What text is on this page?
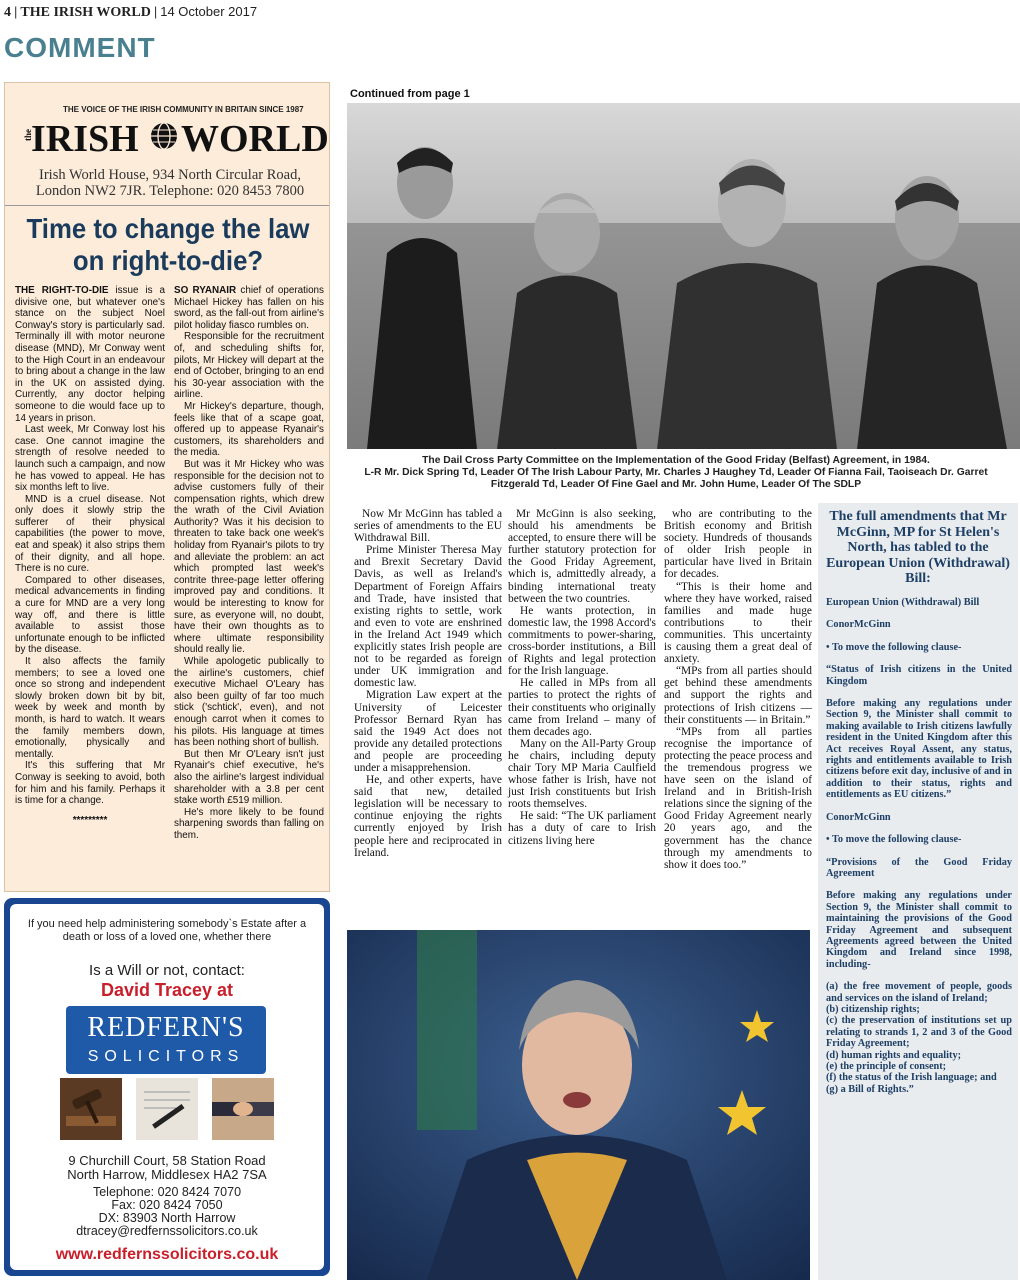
4 | THE IRISH WORLD | 14 October 2017
COMMENT
THE VOICE OF THE IRISH COMMUNITY IN BRITAIN SINCE 1987
the
IRISH WORLD
Irish World House, 934 North Circular Road,
London NW2 7JR. Telephone: 020 8453 7800
Time to change the law
on right-to-die?

THE RIGHT-TO-DIE issue is a divisive one, but whatever one's stance on the subject Noel Conway's story is particularly sad. Terminally ill with motor neurone disease (MND), Mr Conway went to the High Court in an endeavour to bring about a change in the law in the UK on assisted dying. Currently, any doctor helping someone to die would face up to 14 years in prison.

Last week, Mr Conway lost his case. One cannot imagine the strength of resolve needed to launch such a campaign, and now he has vowed to appeal. He has six months left to live.

MND is a cruel disease. Not only does it slowly strip the sufferer of their physical capabilities (the power to move, eat and speak) it also strips them of their dignity, and all hope. There is no cure.

Compared to other diseases, medical advancements in finding a cure for MND are a very long way off, and there is little available to assist those unfortunate enough to be inflicted by the disease.

It also affects the family members; to see a loved one once so strong and independent slowly broken down bit by bit, week by week and month by month, is hard to watch. It wears the family members down, emotionally, physically and mentally.

It's this suffering that Mr Conway is seeking to avoid, both for him and his family. Perhaps it is time for a change.

*********

SO RYANAIR chief of operations Michael Hickey has fallen on his sword, as the fall-out from airline's pilot holiday fiasco rumbles on.

Responsible for the recruitment of, and scheduling shifts for, pilots, Mr Hickey will depart at the end of October, bringing to an end his 30-year association with the airline.

Mr Hickey's departure, though, feels like that of a scape goat, offered up to appease Ryanair's customers, its shareholders and the media.

But was it Mr Hickey who was responsible for the decision not to advise customers fully of their compensation rights, which drew the wrath of the Civil Aviation Authority? Was it his decision to threaten to take back one week's holiday from Ryanair's pilots to try and alleviate the problem: an act which prompted last week's contrite three-page letter offering improved pay and conditions. It would be interesting to know for sure, as everyone will, no doubt, have their own thoughts as to where ultimate responsibility should really lie.

While apologetic publically to the airline's customers, chief executive Michael O'Leary has also been guilty of far too much stick ('schtick', even), and not enough carrot when it comes to his pilots. His language at times has been nothing short of bullish.

But then Mr O'Leary isn't just Ryanair's chief executive, he's also the airline's largest individual shareholder with a 3.8 per cent stake worth £519 million.

He's more likely to be found sharpening swords than falling on them.

If you need help administering somebody`s Estate after a death or loss of a loved one, whether there
Is a Will or not, contact:
David Tracey at
REDFERN'S
SOLICITORS
9 Churchill Court, 58 Station Road
North Harrow, Middlesex HA2 7SA
Telephone: 020 8424 7070
Fax: 020 8424 7050
DX: 83903 North Harrow
dtracey@redfernssolicitors.co.uk
www.redfernssolicitors.co.uk
Continued from page 1
The Dail Cross Party Committee on the Implementation of the Good Friday (Belfast) Agreement, in 1984.
L-R Mr. Dick Spring Td, Leader Of The Irish Labour Party, Mr. Charles J Haughey Td, Leader Of Fianna Fail, Taoiseach Dr. Garret Fitzgerald Td, Leader Of Fine Gael and Mr. John Hume, Leader Of The SDLP

Now Mr McGinn has tabled a series of amendments to the EU Withdrawal Bill.

Prime Minister Theresa May and Brexit Secretary David Davis, as well as Ireland's Department of Foreign Affairs and Trade, have insisted that existing rights to settle, work and even to vote are enshrined in the Ireland Act 1949 which explicitly states Irish people are not to be regarded as foreign under UK immigration and domestic law.

Migration Law expert at the University of Leicester Professor Bernard Ryan has said the 1949 Act does not provide any detailed protections and people are proceeding under a misapprehension.

He, and other experts, have said that new, detailed legislation will be necessary to continue enjoying the rights currently enjoyed by Irish people here and reciprocated in Ireland.

Mr McGinn is also seeking, should his amendments be accepted, to ensure there will be further statutory protection for the Good Friday Agreement, which is, admittedly already, a binding international treaty between the two countries.

He wants protection, in domestic law, the 1998 Accord's commitments to power-sharing, cross-border institutions, a Bill of Rights and legal protection for the Irish language.

He called in MPs from all parties to protect the rights of their constituents who originally came from Ireland – many of them decades ago.

Many on the All-Party Group he chairs, including deputy chair Tory MP Maria Caulfield whose father is Irish, have not just Irish constituents but Irish roots themselves.

He said: “The UK parliament has a duty of care to Irish citizens living here

who are contributing to the British economy and British society. Hundreds of thousands of older Irish people in particular have lived in Britain for decades.

“This is their home and where they have worked, raised families and made huge contributions to their communities. This uncertainty is causing them a great deal of anxiety.

“MPs from all parties should get behind these amendments and support the rights and protections of Irish citizens — their constituents — in Britain.”

“MPs from all parties recognise the importance of protecting the peace process and the tremendous progress we have seen on the island of Ireland and in British-Irish relations since the signing of the Good Friday Agreement nearly 20 years ago, and the government has the chance through my amendments to show it does too.”

The full amendments that Mr McGinn, MP for St Helen's North, has tabled to the European Union (Withdrawal) Bill:

European Union (Withdrawal) Bill

ConorMcGinn

• To move the following clause-

“Status of Irish citizens in the United Kingdom

Before making any regulations under Section 9, the Minister shall commit to making available to Irish citizens lawfully resident in the United Kingdom after this Act receives Royal Assent, any status, rights and entitlements available to Irish citizens before exit day, inclusive of and in addition to their status, rights and entitlements as EU citizens.”

ConorMcGinn

• To move the following clause-

“Provisions of the Good Friday Agreement

Before making any regulations under Section 9, the Minister shall commit to maintaining the provisions of the Good Friday Agreement and subsequent Agreements agreed between the United Kingdom and Ireland since 1998, including-

(a) the free movement of people, goods and services on the island of Ireland;

(b) citizenship rights;

(c) the preservation of institutions set up relating to strands 1, 2 and 3 of the Good Friday Agreement;

(d) human rights and equality;

(e) the principle of consent;

(f) the status of the Irish language; and

(g) a Bill of Rights.”
